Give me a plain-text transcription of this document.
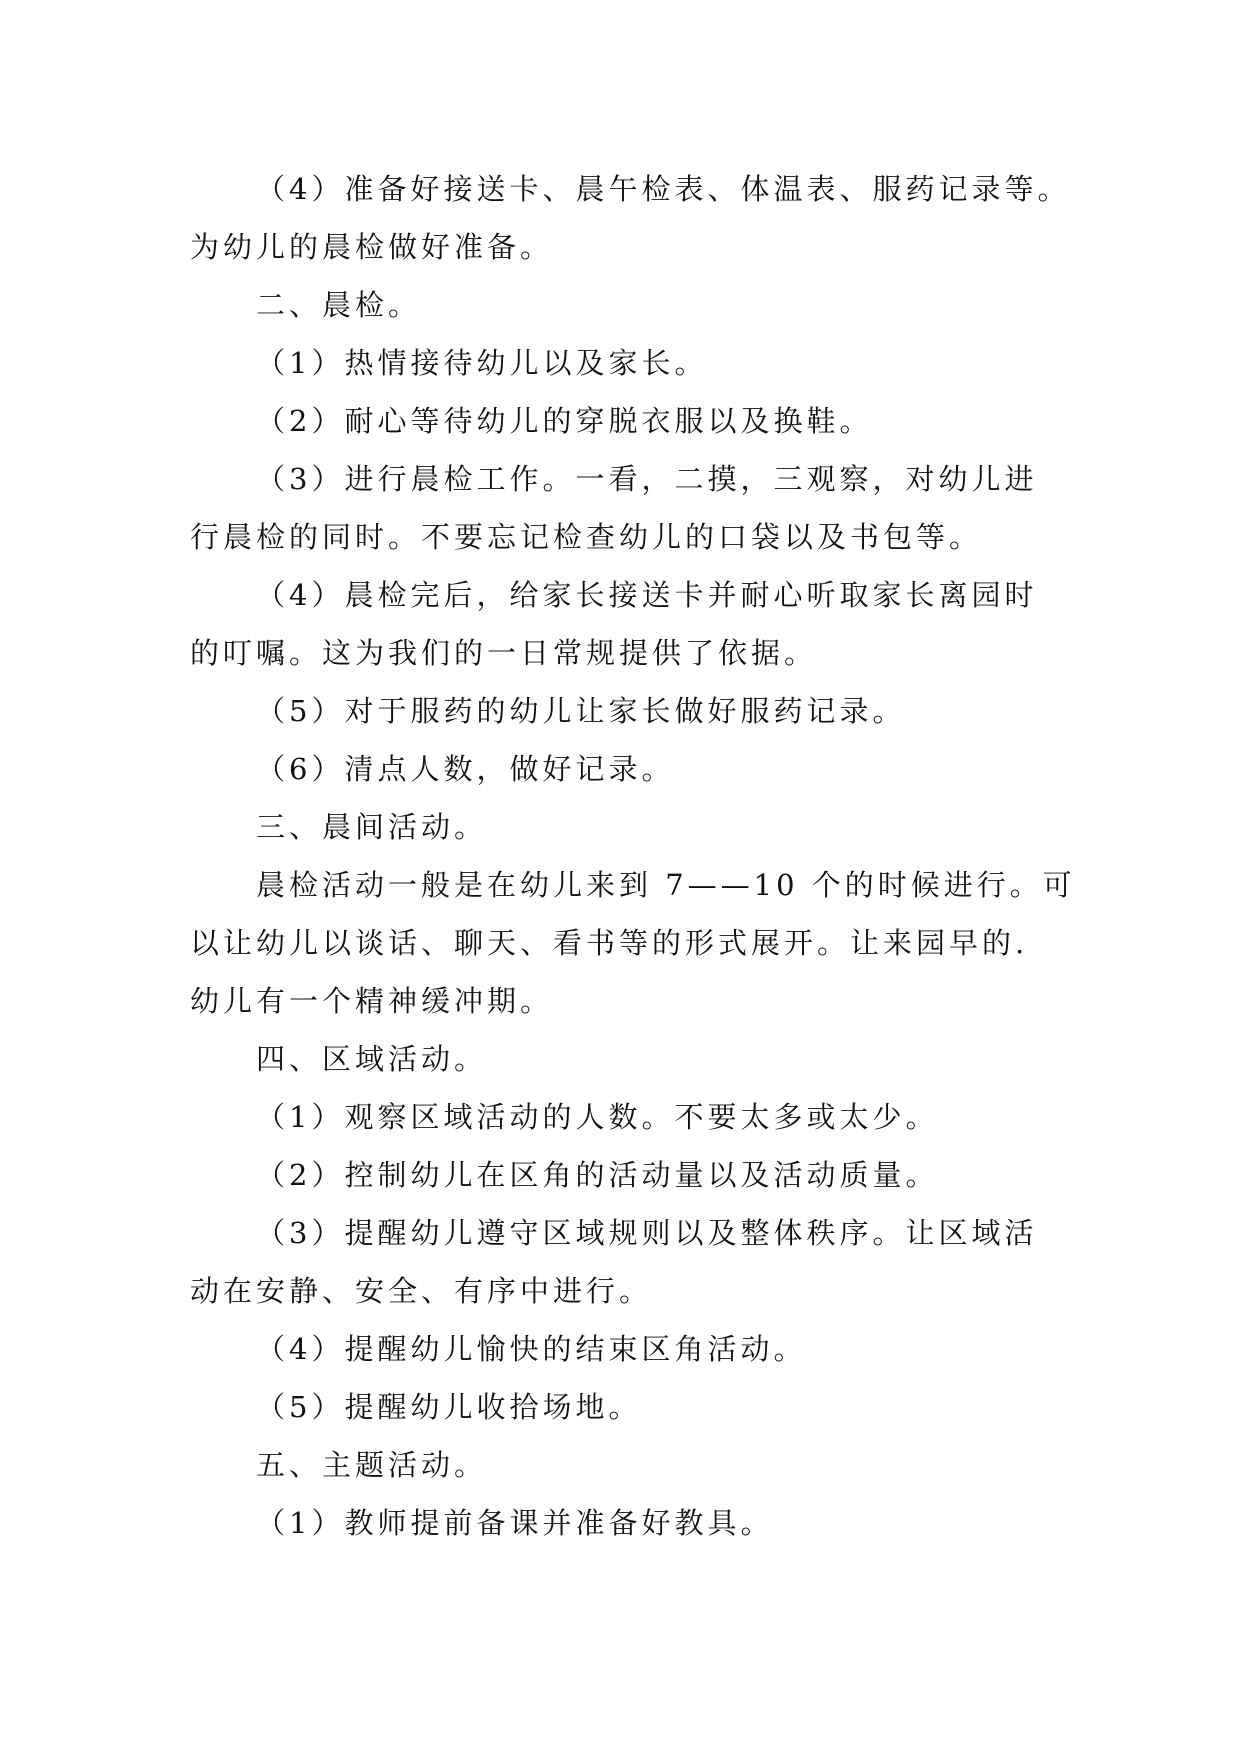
（4）准备好接送卡、晨午检表、体温表、服药记录等。

为幼儿的晨检做好准备。

二、晨检。

（1）热情接待幼儿以及家长。

（2）耐心等待幼儿的穿脱衣服以及换鞋。

（3）进行晨检工作。一看，二摸，三观察，对幼儿进

行晨检的同时。不要忘记检查幼儿的口袋以及书包等。

（4）晨检完后，给家长接送卡并耐心听取家长离园时

的叮嘱。这为我们的一日常规提供了依据。

（5）对于服药的幼儿让家长做好服药记录。

（6）清点人数，做好记录。

三、晨间活动。

晨检活动一般是在幼儿来到 7——10 个的时候进行。可

以让幼儿以谈话、聊天、看书等的形式展开。让来园早的.

幼儿有一个精神缓冲期。

四、区域活动。

（1）观察区域活动的人数。不要太多或太少。

（2）控制幼儿在区角的活动量以及活动质量。

（3）提醒幼儿遵守区域规则以及整体秩序。让区域活

动在安静、安全、有序中进行。

（4）提醒幼儿愉快的结束区角活动。

（5）提醒幼儿收拾场地。

五、主题活动。

（1）教师提前备课并准备好教具。
